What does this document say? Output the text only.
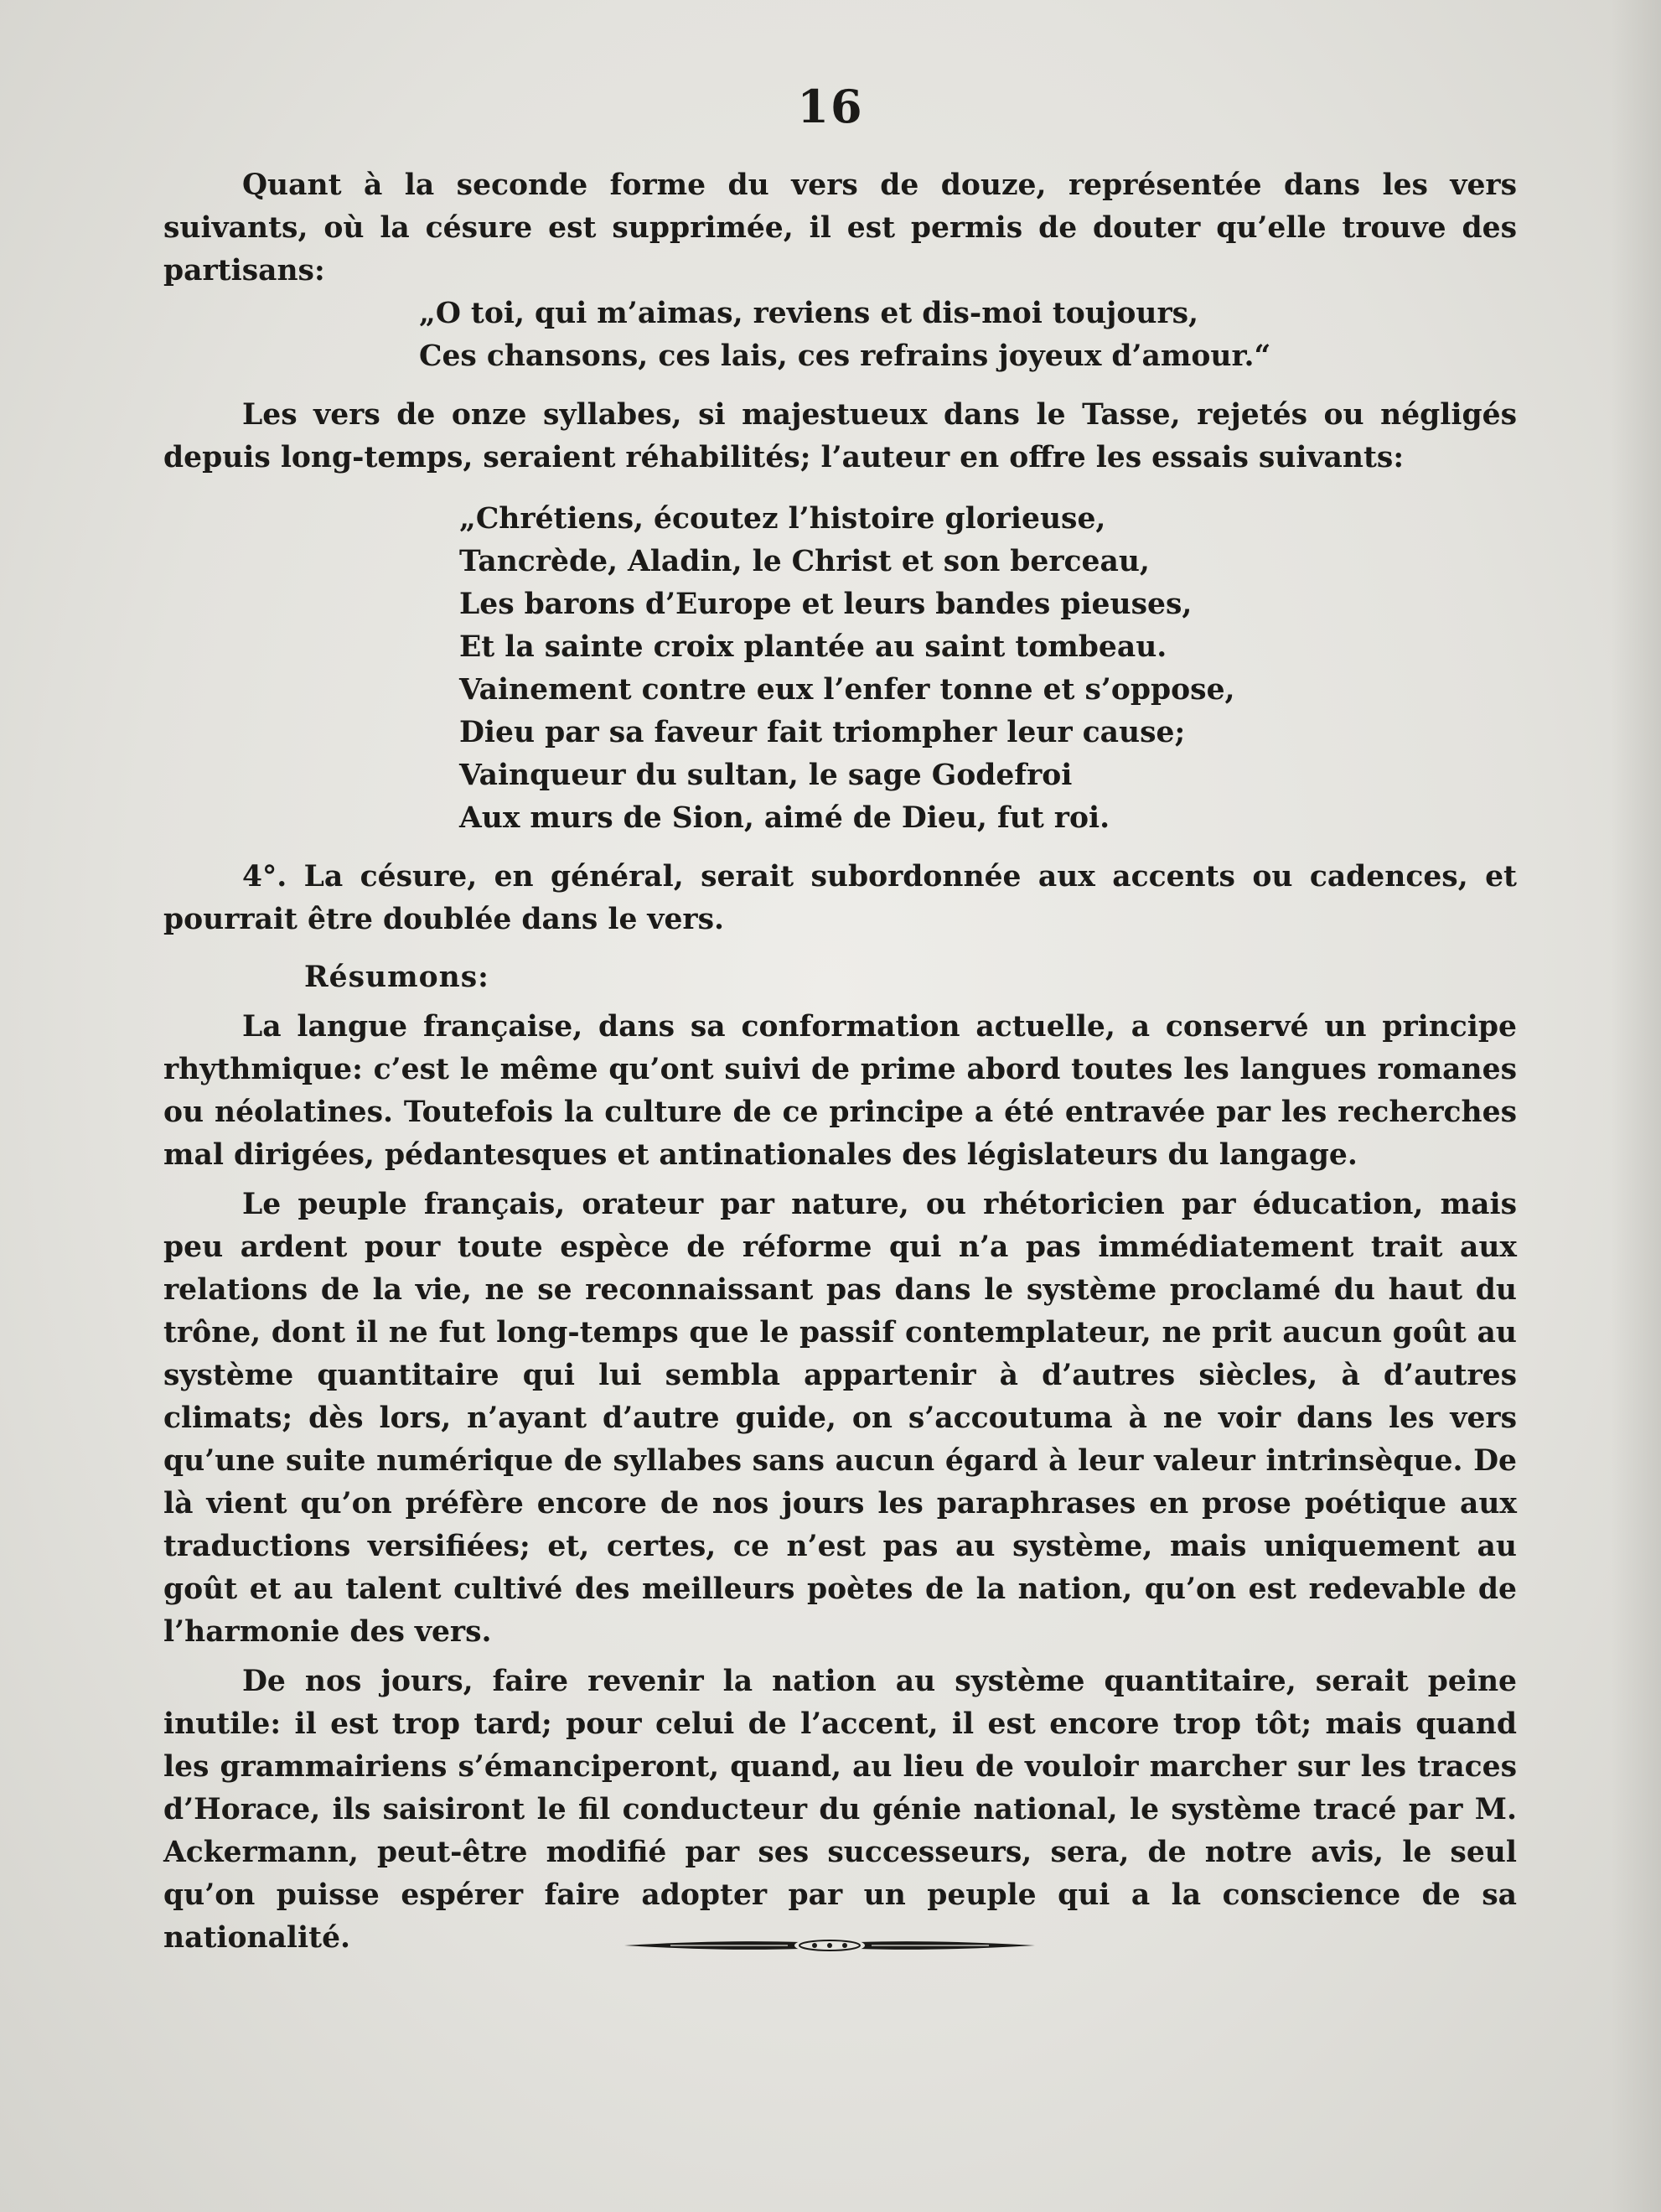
16

Quant à la seconde forme du vers de douze, représentée dans les vers suivants, où la césure est supprimée, il est permis de douter qu’elle trouve des partisans:

„O toi, qui m’aimas, reviens et dis-moi toujours,
Ces chansons, ces lais, ces refrains joyeux d’amour.“

Les vers de onze syllabes, si majestueux dans le Tasse, rejetés ou négligés depuis long-temps, seraient réhabilités; l’auteur en offre les essais suivants:

„Chrétiens, écoutez l’histoire glorieuse,
Tancrède, Aladin, le Christ et son berceau,
Les barons d’Europe et leurs bandes pieuses,
Et la sainte croix plantée au saint tombeau.
Vainement contre eux l’enfer tonne et s’oppose,
Dieu par sa faveur fait triompher leur cause;
Vainqueur du sultan, le sage Godefroi
Aux murs de Sion, aimé de Dieu, fut roi.

4°. La césure, en général, serait subordonnée aux accents ou cadences, et pourrait être doublée dans le vers.

Résumons:

La langue française, dans sa conformation actuelle, a conservé un principe rhythmique: c’est le même qu’ont suivi de prime abord toutes les langues romanes ou néolatines. Toutefois la culture de ce principe a été entravée par les recherches mal dirigées, pédantesques et antinationales des législateurs du langage.

Le peuple français, orateur par nature, ou rhétoricien par éducation, mais peu ardent pour toute espèce de réforme qui n’a pas immédiatement trait aux relations de la vie, ne se reconnaissant pas dans le système proclamé du haut du trône, dont il ne fut long-temps que le passif contemplateur, ne prit aucun goût au système quantitaire qui lui sembla appartenir à d’autres siècles, à d’autres climats; dès lors, n’ayant d’autre guide, on s’accoutuma à ne voir dans les vers qu’une suite numérique de syllabes sans aucun égard à leur valeur intrinsèque. De là vient qu’on préfère encore de nos jours les paraphrases en prose poétique aux traductions versifiées; et, certes, ce n’est pas au système, mais uniquement au goût et au talent cultivé des meilleurs poètes de la nation, qu’on est redevable de l’harmonie des vers.

De nos jours, faire revenir la nation au système quantitaire, serait peine inutile: il est trop tard; pour celui de l’accent, il est encore trop tôt; mais quand les grammairiens s’émanciperont, quand, au lieu de vouloir marcher sur les traces d’Horace, ils saisiront le fil conducteur du génie national, le système tracé par M. Ackermann, peut-être modifié par ses successeurs, sera, de notre avis, le seul qu’on puisse espérer faire adopter par un peuple qui a la conscience de sa nationalité.
